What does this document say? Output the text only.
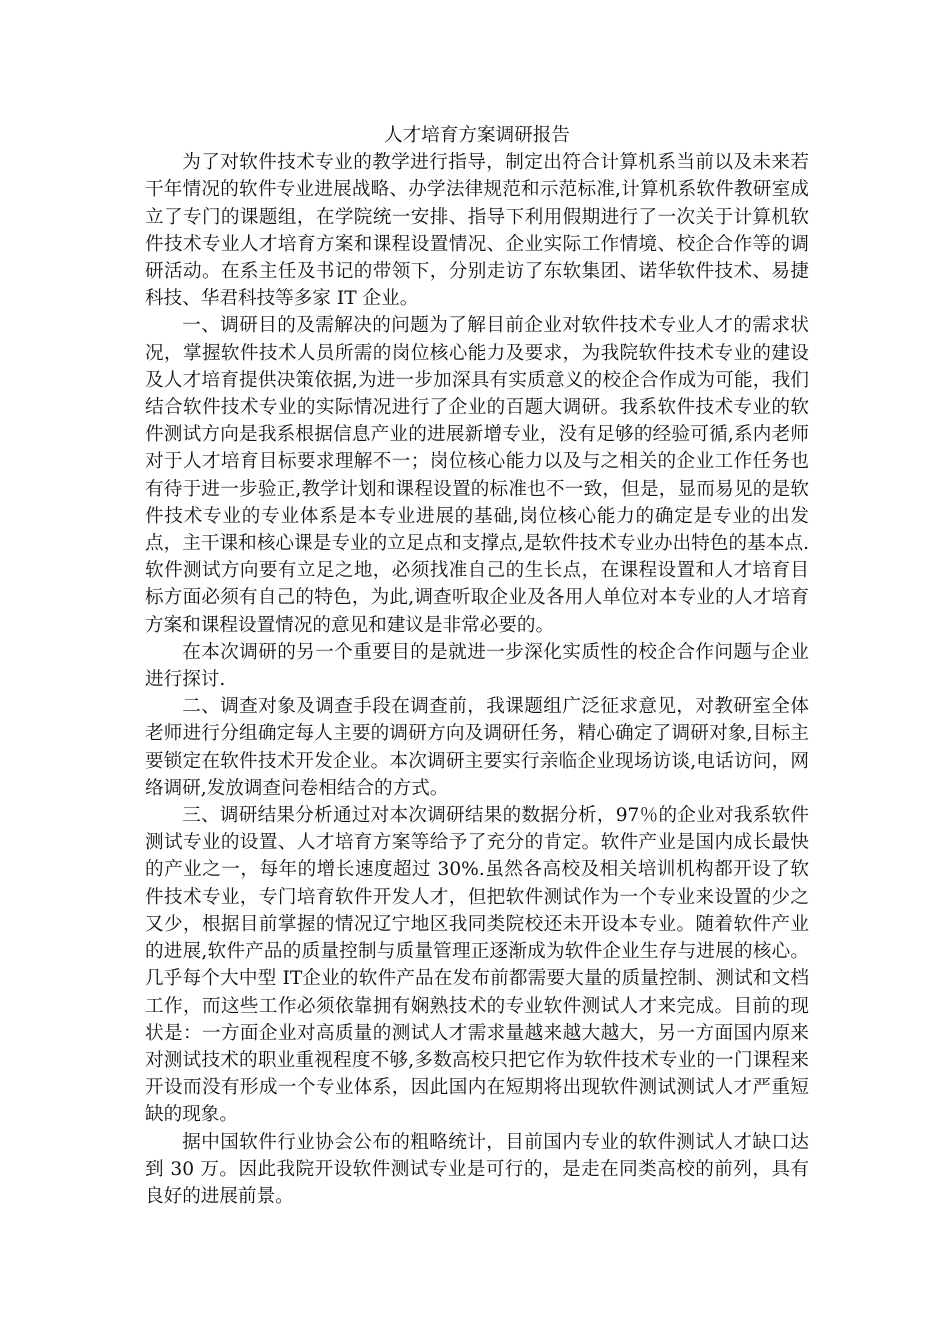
人才培育方案调研报告

为了对软件技术专业的教学进行指导，制定出符合计算机系当前以及未来若干年情况的软件专业进展战略、办学法律规范和示范标准,计算机系软件教研室成立了专门的课题组，在学院统一安排、指导下利用假期进行了一次关于计算机软件技术专业人才培育方案和课程设置情况、企业实际工作情境、校企合作等的调研活动。在系主任及书记的带领下，分别走访了东软集团、诺华软件技术、易捷科技、华君科技等多家 IT 企业。

一、调研目的及需解决的问题为了解目前企业对软件技术专业人才的需求状况，掌握软件技术人员所需的岗位核心能力及要求，为我院软件技术专业的建设及人才培育提供决策依据,为进一步加深具有实质意义的校企合作成为可能，我们结合软件技术专业的实际情况进行了企业的百题大调研。我系软件技术专业的软件测试方向是我系根据信息产业的进展新增专业，没有足够的经验可循,系内老师对于人才培育目标要求理解不一；岗位核心能力以及与之相关的企业工作任务也有待于进一步验正,教学计划和课程设置的标准也不一致，但是，显而易见的是软件技术专业的专业体系是本专业进展的基础,岗位核心能力的确定是专业的出发点，主干课和核心课是专业的立足点和支撑点,是软件技术专业办出特色的基本点.软件测试方向要有立足之地，必须找准自己的生长点，在课程设置和人才培育目标方面必须有自己的特色，为此,调查听取企业及各用人单位对本专业的人才培育方案和课程设置情况的意见和建议是非常必要的。

在本次调研的另一个重要目的是就进一步深化实质性的校企合作问题与企业进行探讨.

二、调查对象及调查手段在调查前，我课题组广泛征求意见，对教研室全体老师进行分组确定每人主要的调研方向及调研任务，精心确定了调研对象,目标主要锁定在软件技术开发企业。本次调研主要实行亲临企业现场访谈,电话访问，网络调研,发放调查问卷相结合的方式。

三、调研结果分析通过对本次调研结果的数据分析，97％的企业对我系软件测试专业的设置、人才培育方案等给予了充分的肯定。软件产业是国内成长最快的产业之一，每年的增长速度超过 30%.虽然各高校及相关培训机构都开设了软件技术专业，专门培育软件开发人才，但把软件测试作为一个专业来设置的少之又少，根据目前掌握的情况辽宁地区我同类院校还未开设本专业。随着软件产业的进展,软件产品的质量控制与质量管理正逐渐成为软件企业生存与进展的核心。几乎每个大中型 IT企业的软件产品在发布前都需要大量的质量控制、测试和文档工作，而这些工作必须依靠拥有娴熟技术的专业软件测试人才来完成。目前的现状是：一方面企业对高质量的测试人才需求量越来越大越大，另一方面国内原来对测试技术的职业重视程度不够,多数高校只把它作为软件技术专业的一门课程来开设而没有形成一个专业体系，因此国内在短期将出现软件测试测试人才严重短缺的现象。

据中国软件行业协会公布的粗略统计，目前国内专业的软件测试人才缺口达到 30 万。因此我院开设软件测试专业是可行的，是走在同类高校的前列，具有良好的进展前景。
